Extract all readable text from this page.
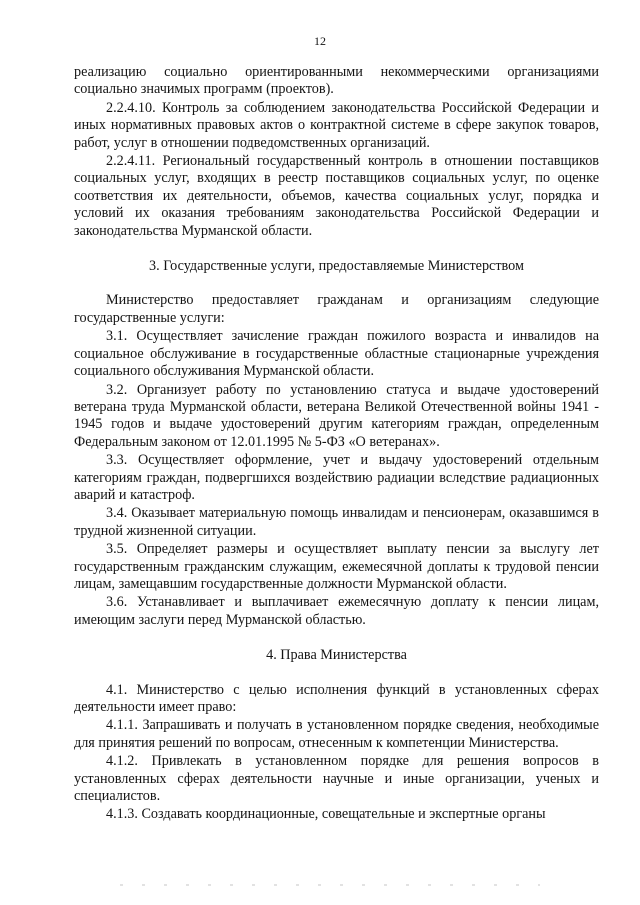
12

реализацию социально ориентированными некоммерческими организациями социально значимых программ (проектов).

2.2.4.10. Контроль за соблюдением законодательства Российской Федерации и иных нормативных правовых актов о контрактной системе в сфере закупок товаров, работ, услуг в отношении подведомственных организаций.

2.2.4.11. Региональный государственный контроль в отношении поставщиков социальных услуг, входящих в реестр поставщиков социальных услуг, по оценке соответствия их деятельности, объемов, качества социальных услуг, порядка и условий их оказания требованиям законодательства Российской Федерации и законодательства Мурманской области.

3. Государственные услуги, предоставляемые Министерством

Министерство предоставляет гражданам и организациям следующие государственные услуги:

3.1. Осуществляет зачисление граждан пожилого возраста и инвалидов на социальное обслуживание в государственные областные стационарные учреждения социального обслуживания Мурманской области.

3.2. Организует работу по установлению статуса и выдаче удостоверений ветерана труда Мурманской области, ветерана Великой Отечественной войны 1941 - 1945 годов и выдаче удостоверений другим категориям граждан, определенным Федеральным законом от 12.01.1995 № 5-ФЗ «О ветеранах».

3.3. Осуществляет оформление, учет и выдачу удостоверений отдельным категориям граждан, подвергшихся воздействию радиации вследствие радиационных аварий и катастроф.

3.4. Оказывает материальную помощь инвалидам и пенсионерам, оказавшимся в трудной жизненной ситуации.

3.5. Определяет размеры и осуществляет выплату пенсии за выслугу лет государственным гражданским служащим, ежемесячной доплаты к трудовой пенсии лицам, замещавшим государственные должности Мурманской области.

3.6. Устанавливает и выплачивает ежемесячную доплату к пенсии лицам, имеющим заслуги перед Мурманской областью.

4. Права Министерства

4.1. Министерство с целью исполнения функций в установленных сферах деятельности имеет право:

4.1.1. Запрашивать и получать в установленном порядке сведения, необходимые для принятия решений по вопросам, отнесенным к компетенции Министерства.

4.1.2. Привлекать в установленном порядке для решения вопросов в установленных сферах деятельности научные и иные организации, ученых и специалистов.

4.1.3. Создавать координационные, совещательные и экспертные органы
